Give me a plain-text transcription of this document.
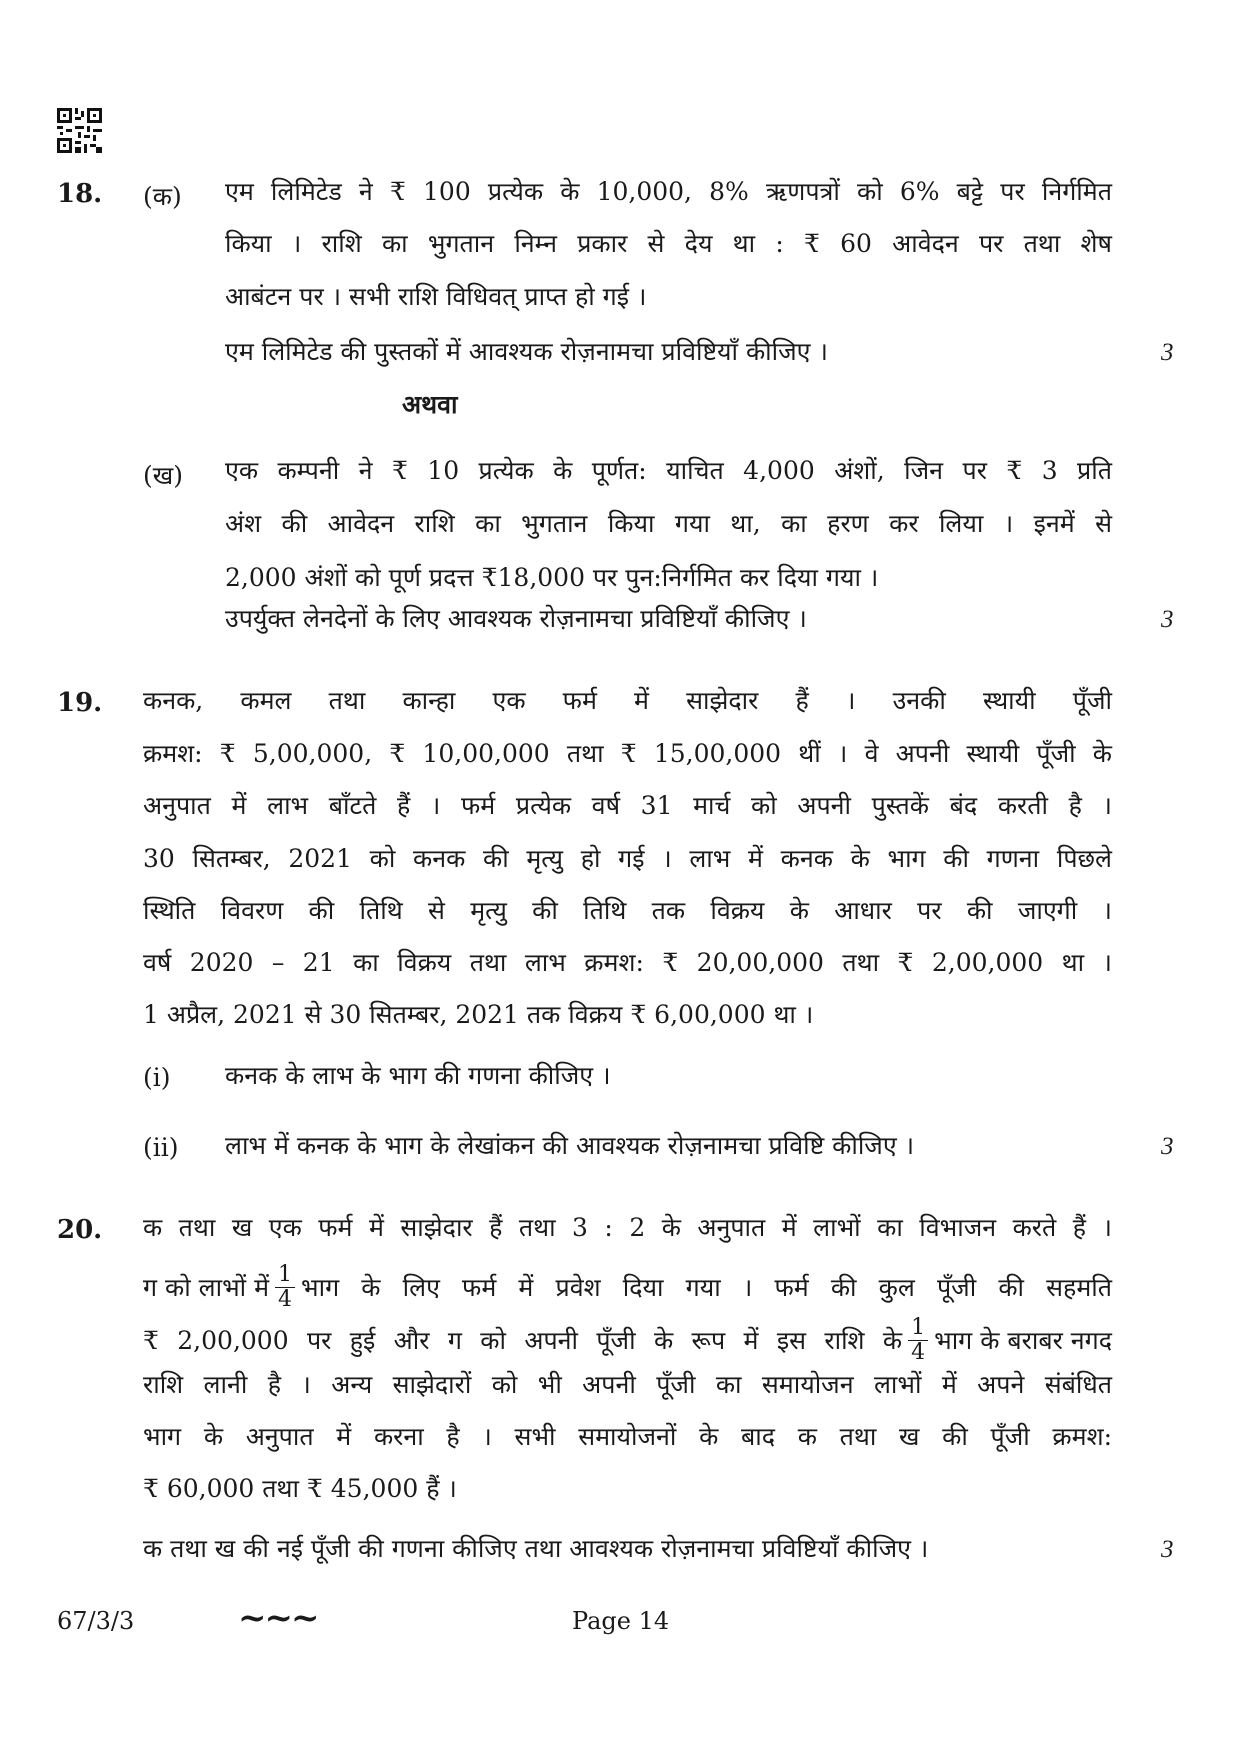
18. (क) एम लिमिटेड ने ₹ 100 प्रत्येक के 10,000, 8% ऋणपत्रों को 6% बट्टे पर निर्गमित
किया । राशि का भुगतान निम्न प्रकार से देय था : ₹ 60 आवेदन पर तथा शेष
आबंटन पर । सभी राशि विधिवत् प्राप्त हो गई ।
एम लिमिटेड की पुस्तकों में आवश्यक रोज़नामचा प्रविष्टियाँ कीजिए ।	3
अथवा
(ख) एक कम्पनी ने ₹ 10 प्रत्येक के पूर्णत: याचित 4,000 अंशों, जिन पर ₹ 3 प्रति
अंश की आवेदन राशि का भुगतान किया गया था, का हरण कर लिया । इनमें से
2,000 अंशों को पूर्ण प्रदत्त ₹18,000 पर पुन:निर्गमित कर दिया गया ।
उपर्युक्त लेनदेनों के लिए आवश्यक रोज़नामचा प्रविष्टियाँ कीजिए ।	3
19. कनक, कमल तथा कान्हा एक फर्म में साझेदार हैं । उनकी स्थायी पूँजी
क्रमश: ₹ 5,00,000, ₹ 10,00,000 तथा ₹ 15,00,000 थीं । वे अपनी स्थायी पूँजी के
अनुपात में लाभ बाँटते हैं । फर्म प्रत्येक वर्ष 31 मार्च को अपनी पुस्तकें बंद करती है ।
30 सितम्बर, 2021 को कनक की मृत्यु हो गई । लाभ में कनक के भाग की गणना पिछले
स्थिति विवरण की तिथि से मृत्यु की तिथि तक विक्रय के आधार पर की जाएगी ।
वर्ष 2020 – 21 का विक्रय तथा लाभ क्रमश: ₹ 20,00,000 तथा ₹ 2,00,000 था ।
1 अप्रैल, 2021 से 30 सितम्बर, 2021 तक विक्रय ₹ 6,00,000 था ।
(i) कनक के लाभ के भाग की गणना कीजिए ।
(ii) लाभ में कनक के भाग के लेखांकन की आवश्यक रोज़नामचा प्रविष्टि कीजिए ।	3
20. क तथा ख एक फर्म में साझेदार हैं तथा 3 : 2 के अनुपात में लाभों का विभाजन करते हैं ।
ग को लाभों में $\frac{1}{4}$ भाग के लिए फर्म में प्रवेश दिया गया । फर्म की कुल पूँजी की सहमति
₹ 2,00,000 पर हुई और ग को अपनी पूँजी के रूप में इस राशि के $\frac{1}{4}$ भाग के बराबर नगद
राशि लानी है । अन्य साझेदारों को भी अपनी पूँजी का समायोजन लाभों में अपने संबंधित
भाग के अनुपात में करना है । सभी समायोजनों के बाद क तथा ख की पूँजी क्रमश:
₹ 60,000 तथा ₹ 45,000 हैं ।
क तथा ख की नई पूँजी की गणना कीजिए तथा आवश्यक रोज़नामचा प्रविष्टियाँ कीजिए ।	3
67/3/3	~~~	Page 14
